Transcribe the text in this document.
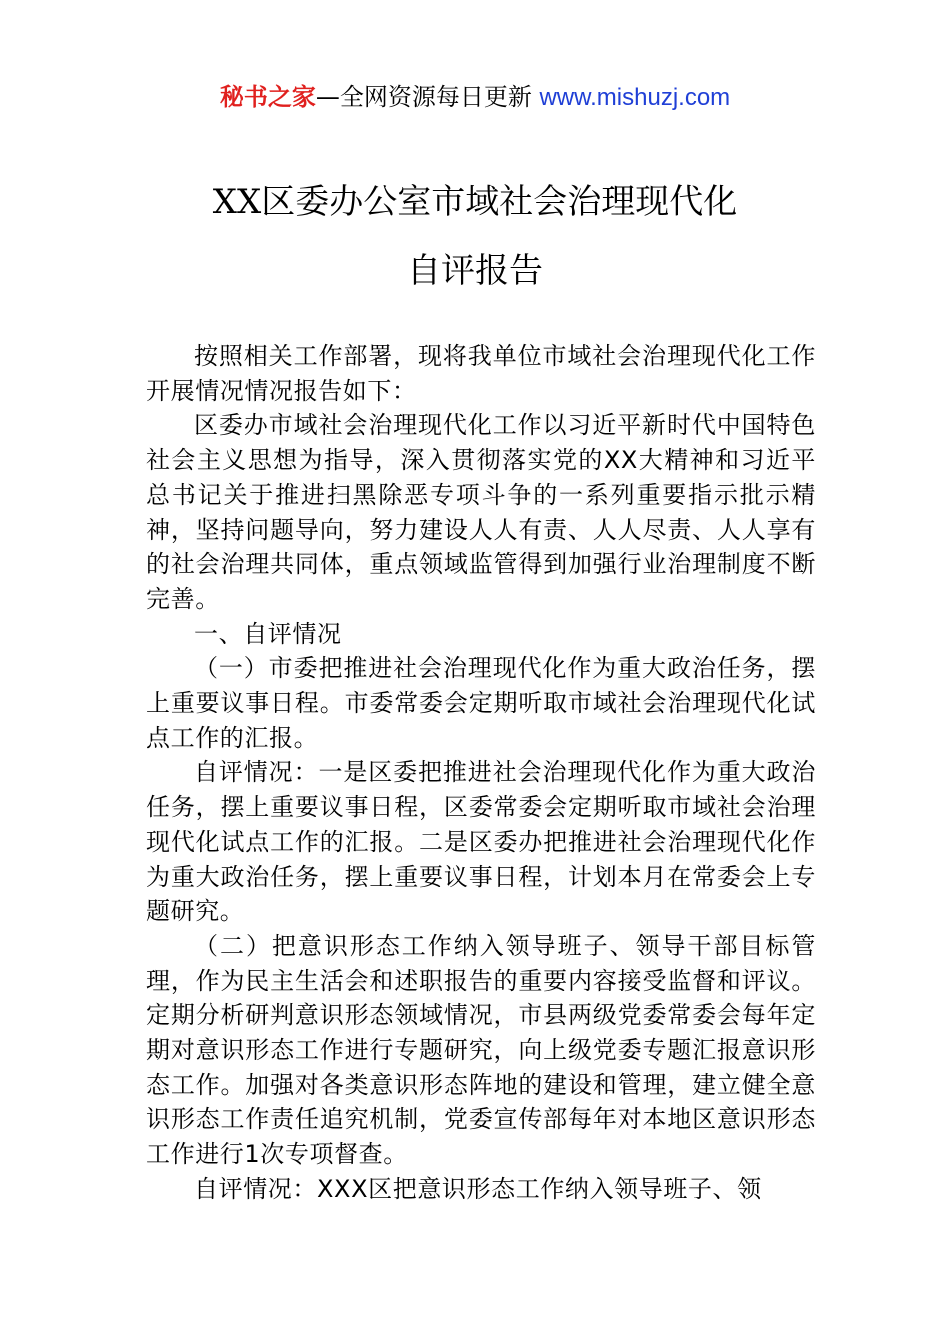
秘书之家—全网资源每日更新 www.mishuzj.com
XX区委办公室市域社会治理现代化
自评报告

按照相关工作部署，现将我单位市域社会治理现代化工作开展情况情况报告如下：

区委办市域社会治理现代化工作以习近平新时代中国特色社会主义思想为指导，深入贯彻落实党的XX大精神和习近平总书记关于推进扫黑除恶专项斗争的一系列重要指示批示精神，坚持问题导向，努力建设人人有责、人人尽责、人人享有的社会治理共同体，重点领域监管得到加强行业治理制度不断完善。

一、自评情况

（一）市委把推进社会治理现代化作为重大政治任务，摆上重要议事日程。市委常委会定期听取市域社会治理现代化试点工作的汇报。

自评情况：一是区委把推进社会治理现代化作为重大政治任务，摆上重要议事日程，区委常委会定期听取市域社会治理现代化试点工作的汇报。二是区委办把推进社会治理现代化作为重大政治任务，摆上重要议事日程，计划本月在常委会上专题研究。

（二）把意识形态工作纳入领导班子、领导干部目标管理，作为民主生活会和述职报告的重要内容接受监督和评议。定期分析研判意识形态领域情况，市县两级党委常委会每年定期对意识形态工作进行专题研究，向上级党委专题汇报意识形态工作。加强对各类意识形态阵地的建设和管理，建立健全意识形态工作责任追究机制，党委宣传部每年对本地区意识形态工作进行1次专项督查。

自评情况：XXX区把意识形态工作纳入领导班子、领
